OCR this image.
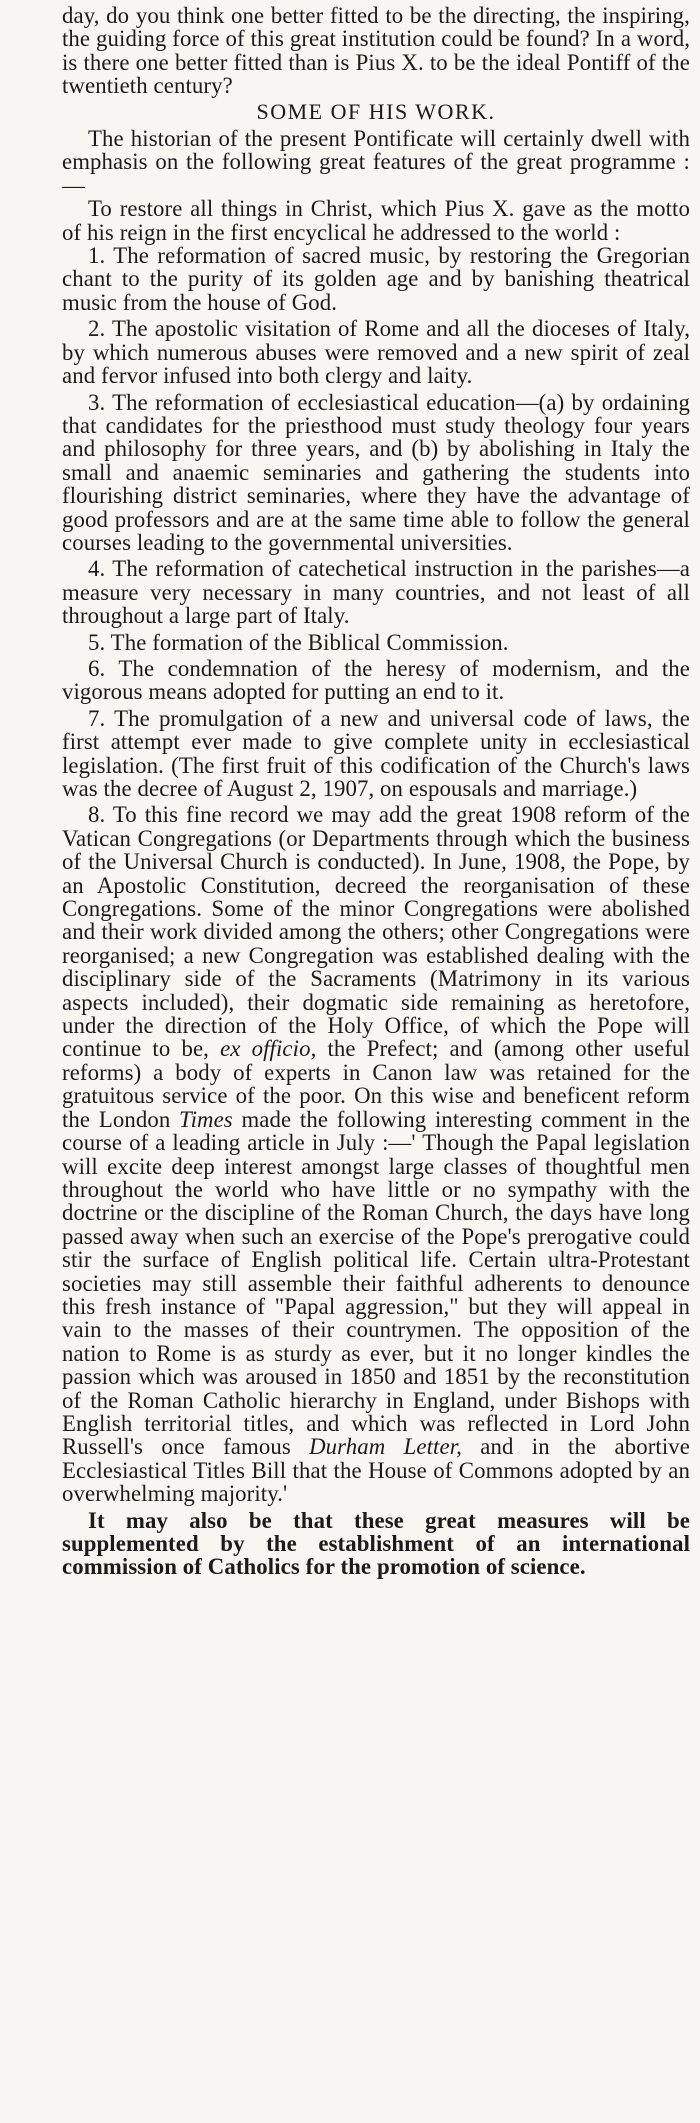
day, do you think one better fitted to be the directing, the inspiring, the guiding force of this great institution could be found? In a word, is there one better fitted than is Pius X. to be the ideal Pontiff of the twentieth century?

SOME OF HIS WORK.

The historian of the present Pontificate will certainly dwell with emphasis on the following great features of the great programme :—

To restore all things in Christ, which Pius X. gave as the motto of his reign in the first encyclical he addressed to the world :

1. The reformation of sacred music, by restoring the Gregorian chant to the purity of its golden age and by banishing theatrical music from the house of God.

2. The apostolic visitation of Rome and all the dioceses of Italy, by which numerous abuses were removed and a new spirit of zeal and fervor infused into both clergy and laity.

3. The reformation of ecclesiastical education—(a) by ordaining that candidates for the priesthood must study theology four years and philosophy for three years, and (b) by abolishing in Italy the small and anaemic seminaries and gathering the students into flourishing district seminaries, where they have the advantage of good professors and are at the same time able to follow the general courses leading to the governmental universities.

4. The reformation of catechetical instruction in the parishes—a measure very necessary in many countries, and not least of all throughout a large part of Italy.

5. The formation of the Biblical Commission.

6. The condemnation of the heresy of modernism, and the vigorous means adopted for putting an end to it.

7. The promulgation of a new and universal code of laws, the first attempt ever made to give complete unity in ecclesiastical legislation. (The first fruit of this codification of the Church's laws was the decree of August 2, 1907, on espousals and marriage.)

8. To this fine record we may add the great 1908 reform of the Vatican Congregations (or Departments through which the business of the Universal Church is conducted). In June, 1908, the Pope, by an Apostolic Constitution, decreed the reorganisation of these Congregations. Some of the minor Congregations were abolished and their work divided among the others; other Congregations were reorganised; a new Congregation was established dealing with the disciplinary side of the Sacraments (Matrimony in its various aspects included), their dogmatic side remaining as heretofore, under the direction of the Holy Office, of which the Pope will continue to be, ex officio, the Prefect; and (among other useful reforms) a body of experts in Canon law was retained for the gratuitous service of the poor. On this wise and beneficent reform the London Times made the following interesting comment in the course of a leading article in July :—' Though the Papal legislation will excite deep interest amongst large classes of thoughtful men throughout the world who have little or no sympathy with the doctrine or the discipline of the Roman Church, the days have long passed away when such an exercise of the Pope's prerogative could stir the surface of English political life. Certain ultra-Protestant societies may still assemble their faithful adherents to denounce this fresh instance of "Papal aggression," but they will appeal in vain to the masses of their countrymen. The opposition of the nation to Rome is as sturdy as ever, but it no longer kindles the passion which was aroused in 1850 and 1851 by the reconstitution of the Roman Catholic hierarchy in England, under Bishops with English territorial titles, and which was reflected in Lord John Russell's once famous Durham Letter, and in the abortive Ecclesiastical Titles Bill that the House of Commons adopted by an overwhelming majority.'

It may also be that these great measures will be supplemented by the establishment of an international commission of Catholics for the promotion of science.
